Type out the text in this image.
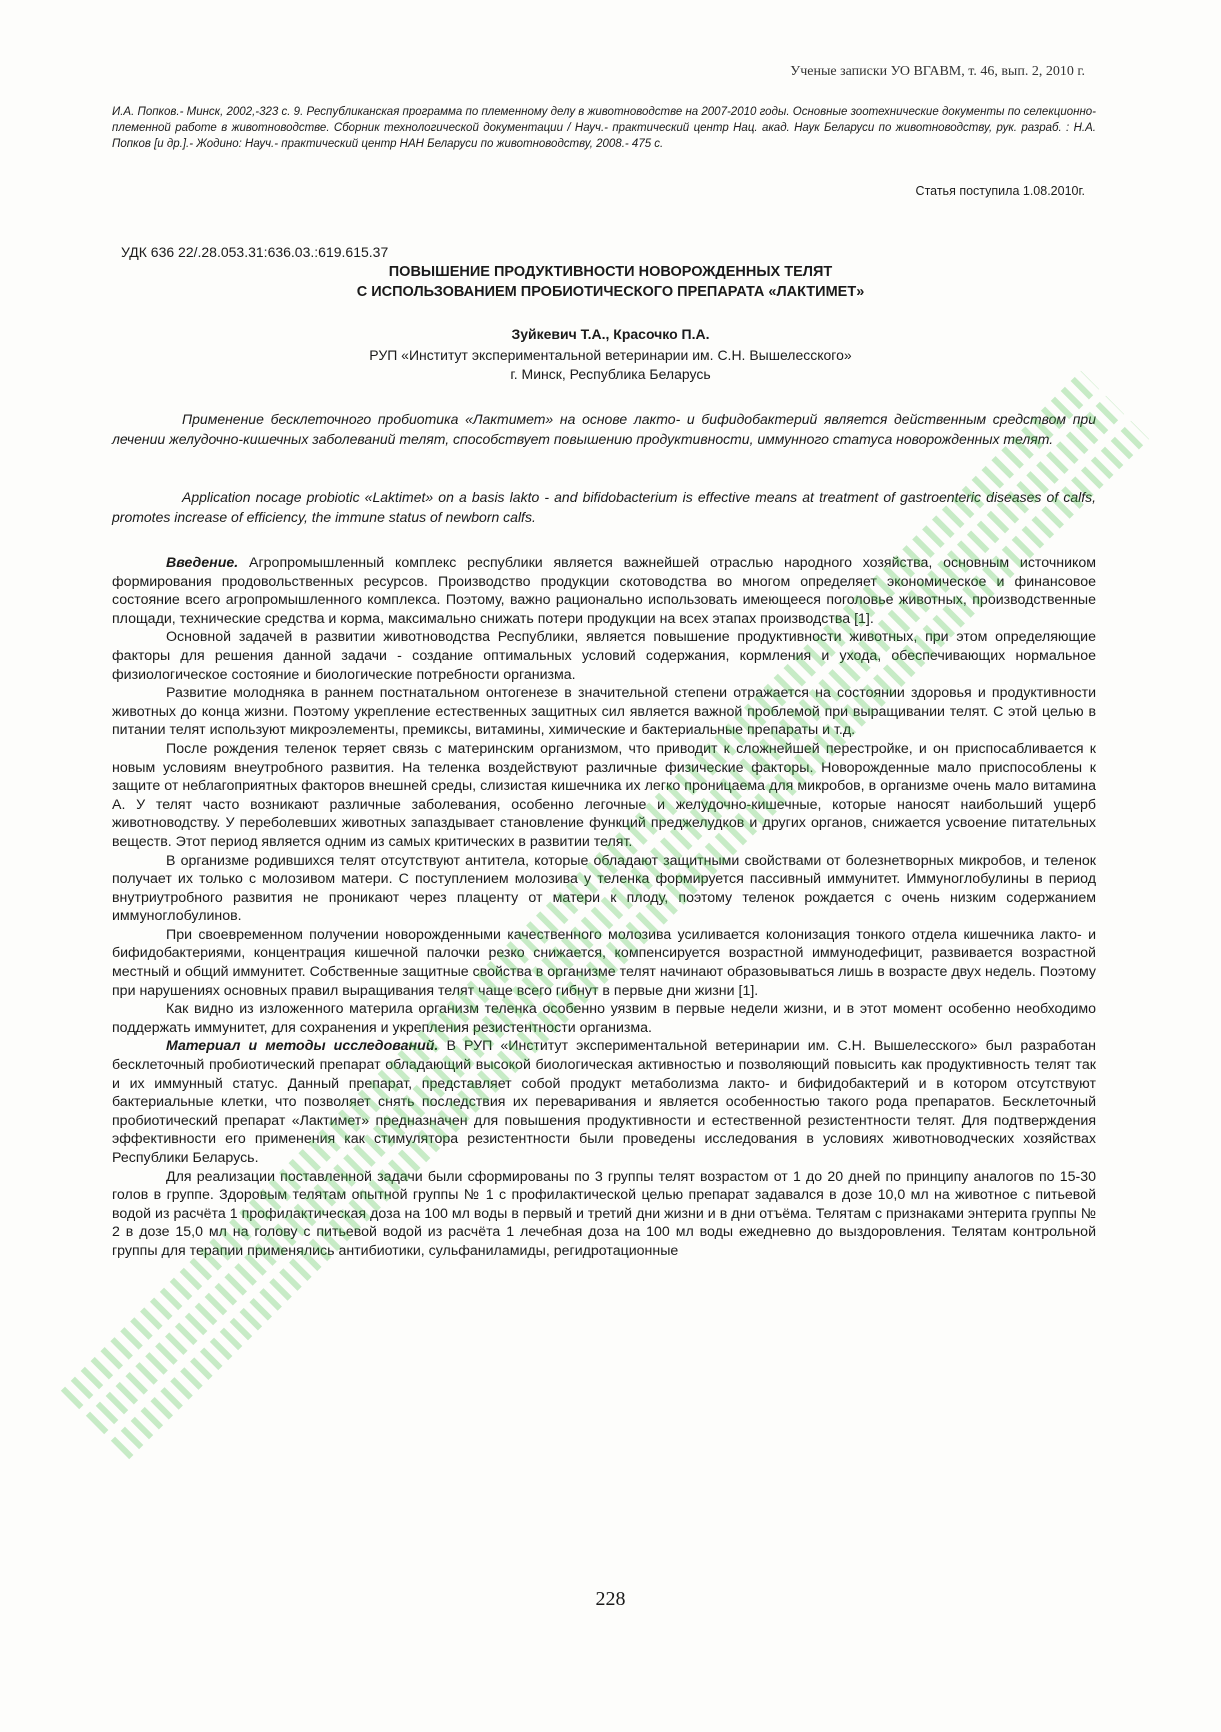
Ученые записки УО ВГАВМ, т. 46, вып. 2, 2010 г.

И.А. Попков.- Минск, 2002,-323 с. 9. Республиканская программа по племенному делу в животноводстве на 2007-2010 годы. Основные зоотехнические документы по селекционно-племенной работе в животноводстве. Сборник технологической документации / Науч.- практический центр Нац. акад. Наук Беларуси по животноводству, рук. разраб. : Н.А. Попков [и др.].- Жодино: Науч.- практический центр НАН Беларуси по животноводству, 2008.- 475 с.

Статья поступила 1.08.2010г.
УДК 636 22/.28.053.31:636.03.:619.615.37
ПОВЫШЕНИЕ ПРОДУКТИВНОСТИ НОВОРОЖДЕННЫХ ТЕЛЯТ
С ИСПОЛЬЗОВАНИЕМ ПРОБИОТИЧЕСКОГО ПРЕПАРАТА «ЛАКТИМЕТ»
Зуйкевич Т.А., Красочко П.А.
РУП «Институт экспериментальной ветеринарии им. С.Н. Вышелесского»
г. Минск, Республика Беларусь

Применение бесклеточного пробиотика «Лактимет» на основе лакто- и бифидобактерий является действенным средством при лечении желудочно-кишечных заболеваний телят, способствует повышению продуктивности, иммунного статуса новорожденных телят.

Application nocage probiotic «Laktimet» on a basis lakto - and bifidobacterium is effective means at treatment of gastroenteric diseases of calfs, promotes increase of efficiency, the immune status of newborn calfs.

Введение. Агропромышленный комплекс республики является важнейшей отраслью народного хозяйства, основным источником формирования продовольственных ресурсов. Производство продукции скотоводства во многом определяет экономическое и финансовое состояние всего агропромышленного комплекса. Поэтому, важно рационально использовать имеющееся поголовье животных, производственные площади, технические средства и корма, максимально снижать потери продукции на всех этапах производства [1].

Основной задачей в развитии животноводства Республики, является повышение продуктивности животных, при этом определяющие факторы для решения данной задачи - создание оптимальных условий содержания, кормления и ухода, обеспечивающих нормальное физиологическое состояние и биологические потребности организма.

Развитие молодняка в раннем постнатальном онтогенезе в значительной степени отражается на состоянии здоровья и продуктивности животных до конца жизни. Поэтому укрепление естественных защитных сил является важной проблемой при выращивании телят. С этой целью в питании телят используют микроэлементы, премиксы, витамины, химические и бактериальные препараты и т.д.

После рождения теленок теряет связь с материнским организмом, что приводит к сложнейшей перестройке, и он приспосабливается к новым условиям внеутробного развития. На теленка воздействуют различные физические факторы. Новорожденные мало приспособлены к защите от неблагоприятных факторов внешней среды, слизистая кишечника их легко проницаема для микробов, в организме очень мало витамина А. У телят часто возникают различные заболевания, особенно легочные и желудочно-кишечные, которые наносят наибольший ущерб животноводству. У переболевших животных запаздывает становление функций преджелудков и других органов, снижается усвоение питательных веществ. Этот период является одним из самых критических в развитии телят.

В организме родившихся телят отсутствуют антитела, которые обладают защитными свойствами от болезнетворных микробов, и теленок получает их только с молозивом матери. С поступлением молозива у теленка формируется пассивный иммунитет. Иммуноглобулины в период внутриутробного развития не проникают через плаценту от матери к плоду, поэтому теленок рождается с очень низким содержанием иммуноглобулинов.

При своевременном получении новорожденными качественного молозива усиливается колонизация тонкого отдела кишечника лакто- и бифидобактериями, концентрация кишечной палочки резко снижается, компенсируется возрастной иммунодефицит, развивается возрастной местный и общий иммунитет. Собственные защитные свойства в организме телят начинают образовываться лишь в возрасте двух недель. Поэтому при нарушениях основных правил выращивания телят чаще всего гибнут в первые дни жизни [1].

Как видно из изложенного материла организм теленка особенно уязвим в первые недели жизни, и в этот момент особенно необходимо поддержать иммунитет, для сохранения и укрепления резистентности организма.

Материал и методы исследований. В РУП «Институт экспериментальной ветеринарии им. С.Н. Вышелесского» был разработан бесклеточный пробиотический препарат обладающий высокой биологическая активностью и позволяющий повысить как продуктивность телят так и их иммунный статус. Данный препарат, представляет собой продукт метаболизма лакто- и бифидобактерий и в котором отсутствуют бактериальные клетки, что позволяет снять последствия их переваривания и является особенностью такого рода препаратов. Бесклеточный пробиотический препарат «Лактимет» предназначен для повышения продуктивности и естественной резистентности телят. Для подтверждения эффективности его применения как стимулятора резистентности были проведены исследования в условиях животноводческих хозяйствах Республики Беларусь.

Для реализации поставленной задачи были сформированы по 3 группы телят возрастом от 1 до 20 дней по принципу аналогов по 15-30 голов в группе. Здоровым телятам опытной группы № 1 с профилактической целью препарат задавался в дозе 10,0 мл на животное с питьевой водой из расчёта 1 профилактическая доза на 100 мл воды в первый и третий дни жизни и в дни отъёма. Телятам с признаками энтерита группы № 2 в дозе 15,0 мл на голову с питьевой водой из расчёта 1 лечебная доза на 100 мл воды ежедневно до выздоровления. Телятам контрольной группы для терапии применялись антибиотики, сульфаниламиды, регидротационные

228
